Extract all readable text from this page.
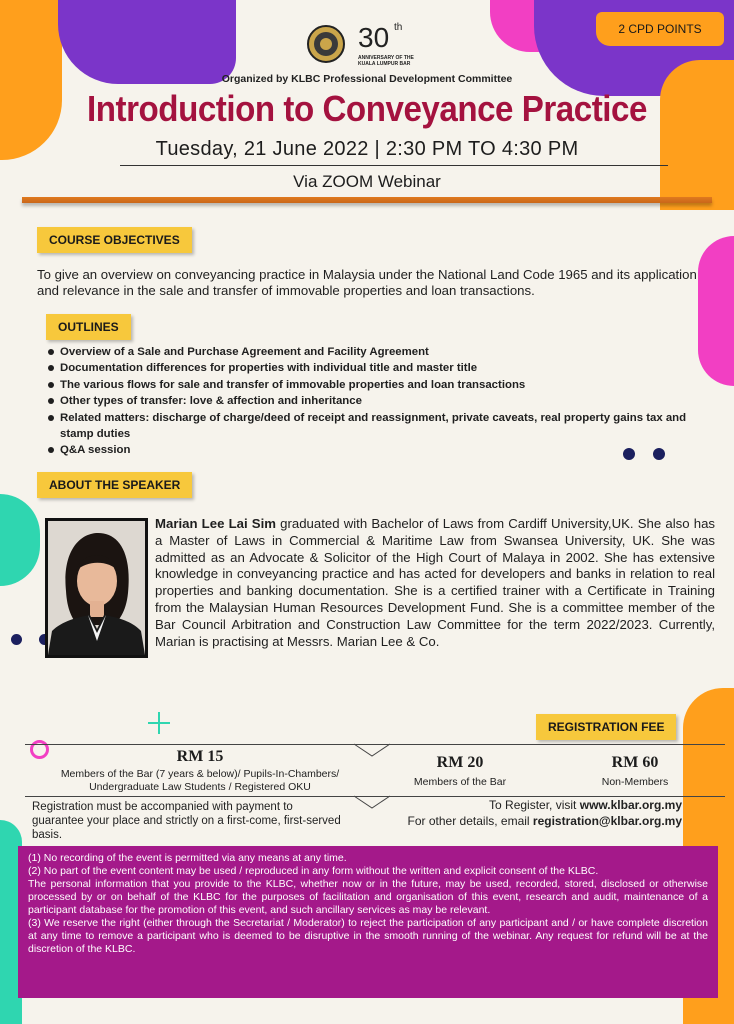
2 CPD POINTS
30 th
ANNIVERSARY OF THE
KUALA LUMPUR BAR
Organized by KLBC Professional Development Committee
Introduction to Conveyance Practice
Tuesday, 21 June 2022 | 2:30 PM TO 4:30 PM
Via ZOOM Webinar
COURSE OBJECTIVES

To give an overview on conveyancing practice in Malaysia under the National Land Code 1965 and its application and relevance in the sale and transfer of immovable properties and loan transactions.

OUTLINES
Overview of a Sale and Purchase Agreement and Facility Agreement
Documentation differences for properties with individual title and master title
The various flows for sale and transfer of immovable properties and loan transactions
Other types of transfer: love & affection and inheritance
Related matters: discharge of charge/deed of receipt and reassignment, private caveats, real property gains tax and stamp duties
Q&A session
ABOUT THE SPEAKER

Marian Lee Lai Sim graduated with Bachelor of Laws from Cardiff University,UK. She also has a Master of Laws in Commercial & Maritime Law from Swansea University, UK. She was admitted as an Advocate & Solicitor of the High Court of Malaya in 2002. She has extensive knowledge in conveyancing practice and has acted for developers and banks in relation to real properties and banking documentation. She is a certified trainer with a Certificate in Training from the Malaysian Human Resources Development Fund. She is a committee member of the Bar Council Arbitration and Construction Law Committee for the term 2022/2023. Currently, Marian is practising at Messrs. Marian Lee & Co.

REGISTRATION FEE
RM 15
Members of the Bar (7 years & below)/ Pupils-In-Chambers/
Undergraduate Law Students / Registered OKU
RM 20
Members of the Bar
RM 60
Non-Members

Registration must be accompanied with payment to guarantee your place and strictly on a first-come, first-served basis.

To Register, visit www.klbar.org.my
For other details, email registration@klbar.org.my

(1) No recording of the event is permitted via any means at any time.

(2) No part of the event content may be used / reproduced in any form without the written and explicit consent of the KLBC.

The personal information that you provide to the KLBC, whether now or in the future, may be used, recorded, stored, disclosed or otherwise processed by or on behalf of the KLBC for the purposes of facilitation and organisation of this event, research and audit, maintenance of a participant database for the promotion of this event, and such ancillary services as may be relevant.

(3) We reserve the right (either through the Secretariat / Moderator) to reject the participation of any participant and / or have complete discretion at any time to remove a participant who is deemed to be disruptive in the smooth running of the webinar. Any request for refund will be at the discretion of the KLBC.
